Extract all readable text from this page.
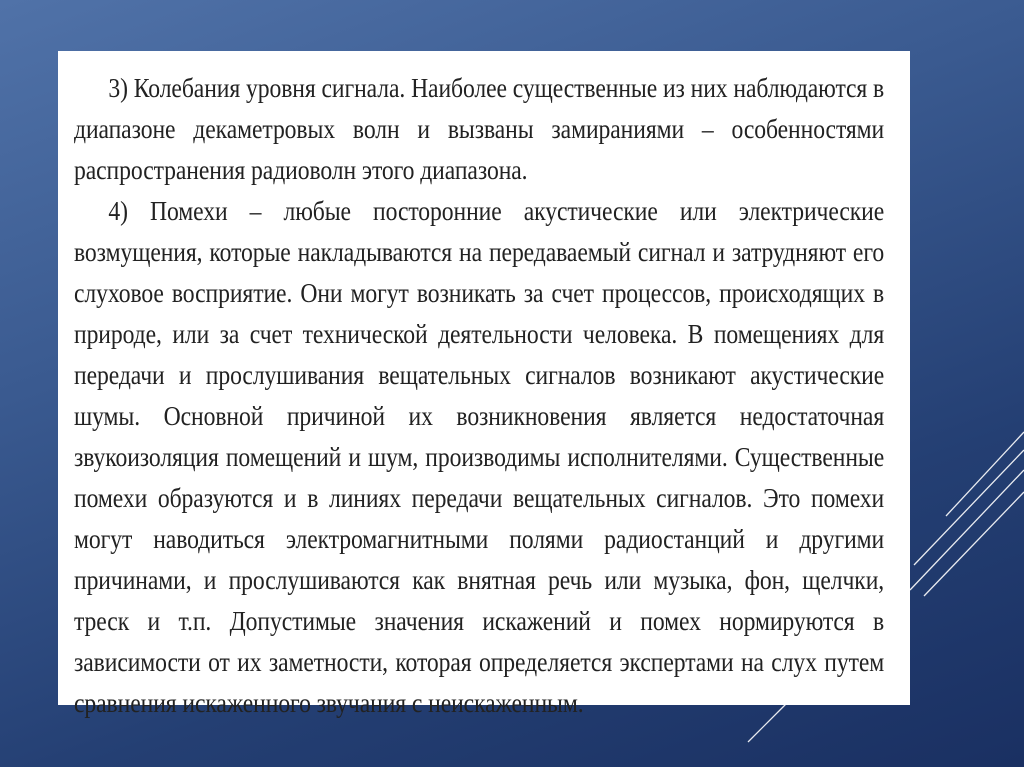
3) Колебания уровня сигнала. Наиболее существенные из них наблюдаются в диапазоне декаметровых волн и вызваны замираниями – особенностями распространения радиоволн этого диапазона.

4) Помехи – любые посторонние акустические или электрические возмущения, которые накладываются на передаваемый сигнал и затрудняют его слуховое восприятие. Они могут возникать за счет процессов, происходящих в природе, или за счет технической деятельности человека. В помещениях для передачи и прослушивания вещательных сигналов возникают акустические шумы. Основной причиной их возникновения является недостаточная звукоизоляция помещений и шум, производимы исполнителями. Существенные помехи образуются и в линиях передачи вещательных сигналов. Это помехи могут наводиться электромагнитными полями радиостанций и другими причинами, и прослушиваются как внятная речь или музыка, фон, щелчки, треск и т.п. Допустимые значения искажений и помех нормируются в зависимости от их заметности, которая определяется экспертами на слух путем сравнения искаженного звучания с неискаженным.
